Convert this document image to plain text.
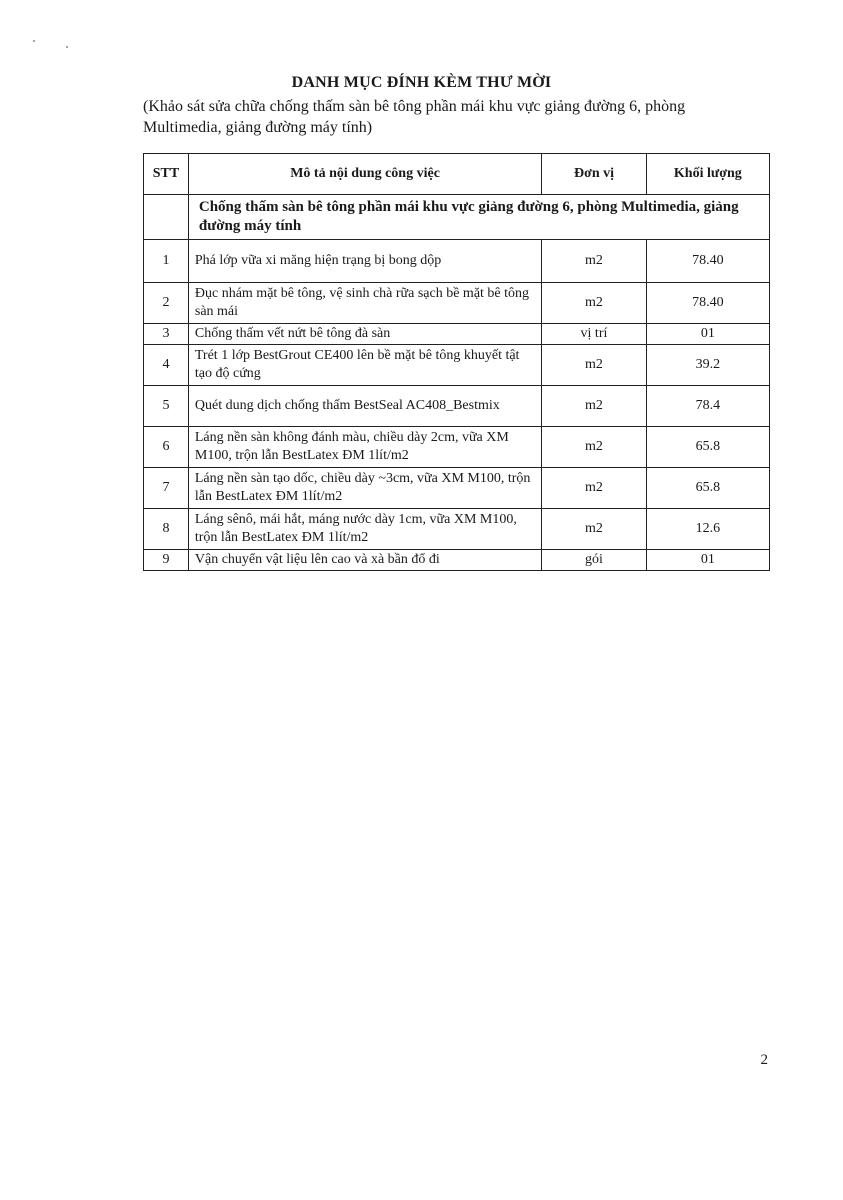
DANH MỤC ĐÍNH KÈM THƯ MỜI
(Khảo sát sửa chữa chống thấm sàn bê tông phần mái khu vực giảng đường 6, phòng Multimedia, giảng đường máy tính)
STT	Mô tả nội dung công việc	Đơn vị	Khối lượng
	Chống thấm sàn bê tông phần mái khu vực giảng đường 6, phòng Multimedia, giảng đường máy tính		
1	Phá lớp vữa xi măng hiện trạng bị bong dộp	m2	78.40
2	Đục nhám mặt bê tông, vệ sinh chà rữa sạch bề mặt bê tông sàn mái	m2	78.40
3	Chống thấm vết nứt bê tông đà sàn	vị trí	01
4	Trét 1 lớp BestGrout CE400 lên bề mặt bê tông khuyết tật tạo độ cứng	m2	39.2
5	Quét dung dịch chống thấm BestSeal AC408_Bestmix	m2	78.4
6	Láng nền sàn không đánh màu, chiều dày 2cm, vữa XM M100, trộn lẫn BestLatex ĐM 1lít/m2	m2	65.8
7	Láng nền sàn tạo dốc, chiều dày ~3cm, vữa XM M100, trộn lẫn BestLatex ĐM 1lít/m2	m2	65.8
8	Láng sênô, mái hắt, máng nước dày 1cm, vữa XM M100, trộn lẫn BestLatex ĐM 1lít/m2	m2	12.6
9	Vận chuyển vật liệu lên cao và xà bần đổ đi	gói	01
2
